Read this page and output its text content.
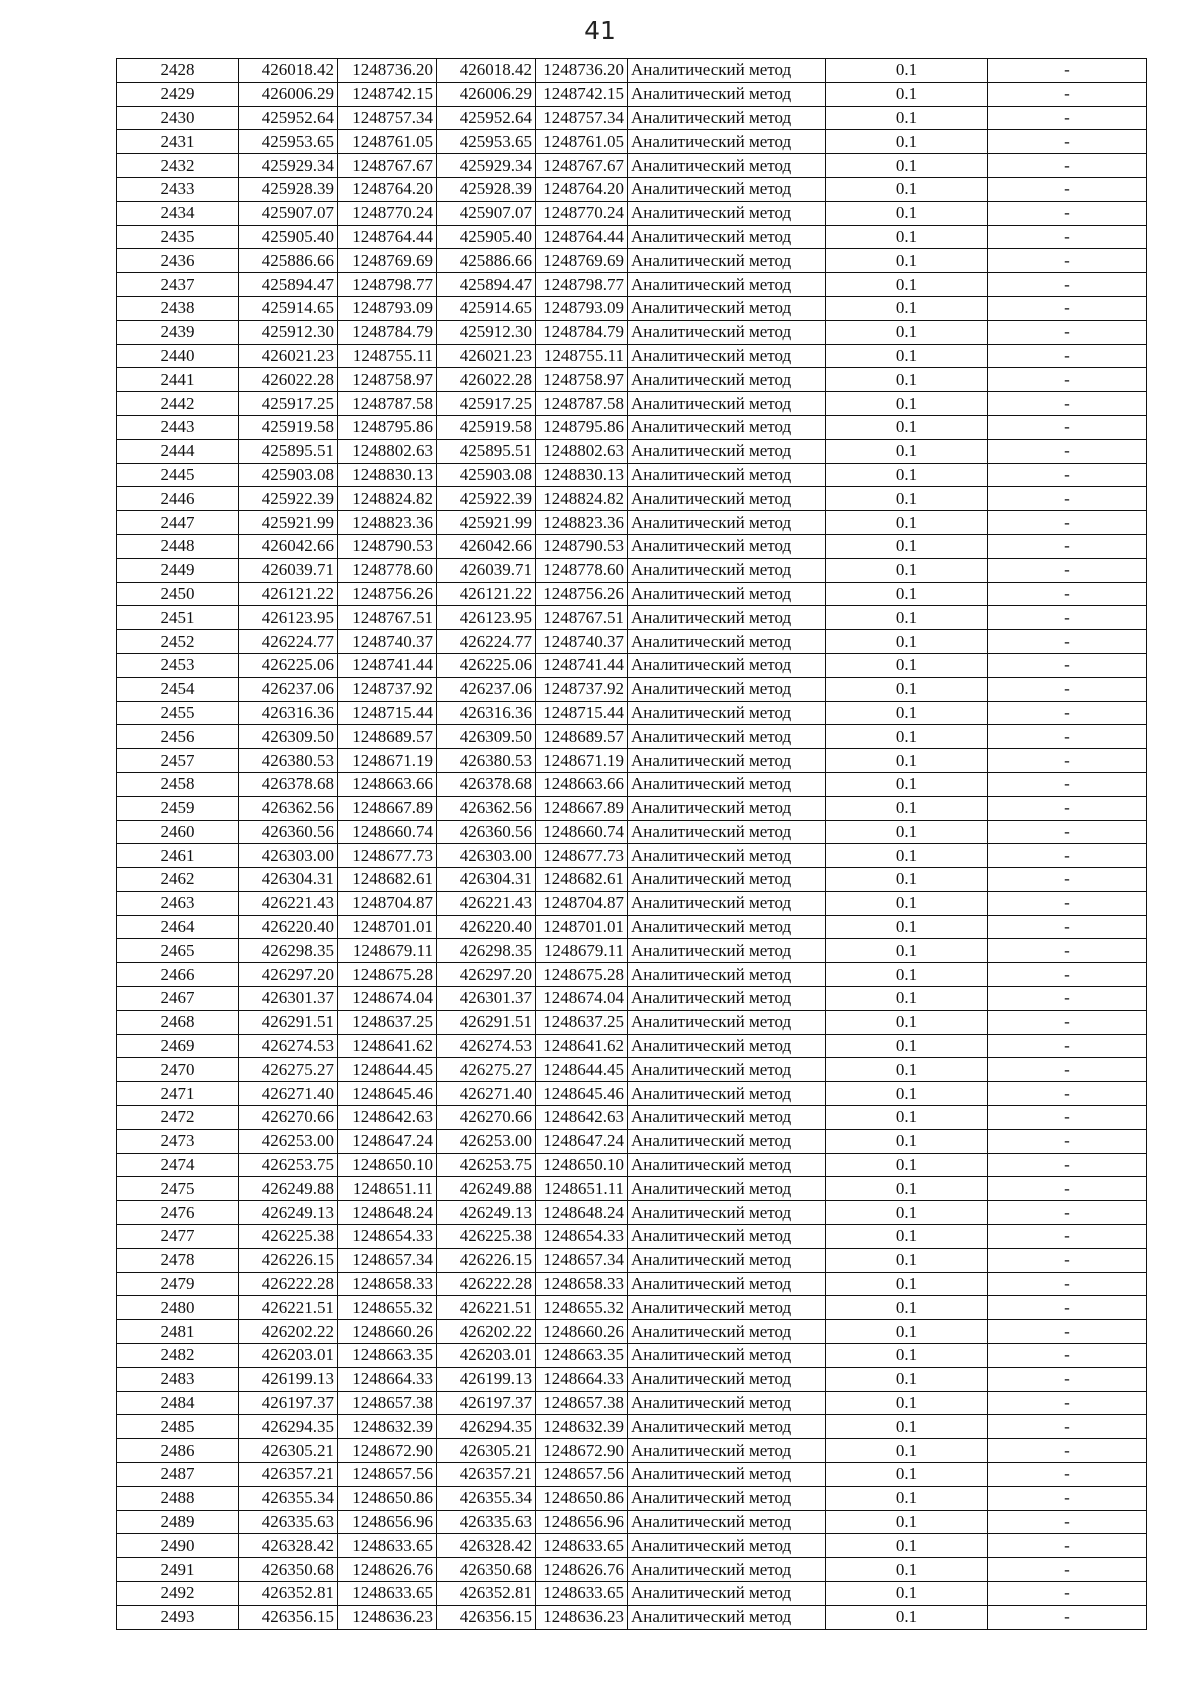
41
2428	426018.42	1248736.20	426018.42	1248736.20	Аналитический метод	0.1	-
2429	426006.29	1248742.15	426006.29	1248742.15	Аналитический метод	0.1	-
2430	425952.64	1248757.34	425952.64	1248757.34	Аналитический метод	0.1	-
2431	425953.65	1248761.05	425953.65	1248761.05	Аналитический метод	0.1	-
2432	425929.34	1248767.67	425929.34	1248767.67	Аналитический метод	0.1	-
2433	425928.39	1248764.20	425928.39	1248764.20	Аналитический метод	0.1	-
2434	425907.07	1248770.24	425907.07	1248770.24	Аналитический метод	0.1	-
2435	425905.40	1248764.44	425905.40	1248764.44	Аналитический метод	0.1	-
2436	425886.66	1248769.69	425886.66	1248769.69	Аналитический метод	0.1	-
2437	425894.47	1248798.77	425894.47	1248798.77	Аналитический метод	0.1	-
2438	425914.65	1248793.09	425914.65	1248793.09	Аналитический метод	0.1	-
2439	425912.30	1248784.79	425912.30	1248784.79	Аналитический метод	0.1	-
2440	426021.23	1248755.11	426021.23	1248755.11	Аналитический метод	0.1	-
2441	426022.28	1248758.97	426022.28	1248758.97	Аналитический метод	0.1	-
2442	425917.25	1248787.58	425917.25	1248787.58	Аналитический метод	0.1	-
2443	425919.58	1248795.86	425919.58	1248795.86	Аналитический метод	0.1	-
2444	425895.51	1248802.63	425895.51	1248802.63	Аналитический метод	0.1	-
2445	425903.08	1248830.13	425903.08	1248830.13	Аналитический метод	0.1	-
2446	425922.39	1248824.82	425922.39	1248824.82	Аналитический метод	0.1	-
2447	425921.99	1248823.36	425921.99	1248823.36	Аналитический метод	0.1	-
2448	426042.66	1248790.53	426042.66	1248790.53	Аналитический метод	0.1	-
2449	426039.71	1248778.60	426039.71	1248778.60	Аналитический метод	0.1	-
2450	426121.22	1248756.26	426121.22	1248756.26	Аналитический метод	0.1	-
2451	426123.95	1248767.51	426123.95	1248767.51	Аналитический метод	0.1	-
2452	426224.77	1248740.37	426224.77	1248740.37	Аналитический метод	0.1	-
2453	426225.06	1248741.44	426225.06	1248741.44	Аналитический метод	0.1	-
2454	426237.06	1248737.92	426237.06	1248737.92	Аналитический метод	0.1	-
2455	426316.36	1248715.44	426316.36	1248715.44	Аналитический метод	0.1	-
2456	426309.50	1248689.57	426309.50	1248689.57	Аналитический метод	0.1	-
2457	426380.53	1248671.19	426380.53	1248671.19	Аналитический метод	0.1	-
2458	426378.68	1248663.66	426378.68	1248663.66	Аналитический метод	0.1	-
2459	426362.56	1248667.89	426362.56	1248667.89	Аналитический метод	0.1	-
2460	426360.56	1248660.74	426360.56	1248660.74	Аналитический метод	0.1	-
2461	426303.00	1248677.73	426303.00	1248677.73	Аналитический метод	0.1	-
2462	426304.31	1248682.61	426304.31	1248682.61	Аналитический метод	0.1	-
2463	426221.43	1248704.87	426221.43	1248704.87	Аналитический метод	0.1	-
2464	426220.40	1248701.01	426220.40	1248701.01	Аналитический метод	0.1	-
2465	426298.35	1248679.11	426298.35	1248679.11	Аналитический метод	0.1	-
2466	426297.20	1248675.28	426297.20	1248675.28	Аналитический метод	0.1	-
2467	426301.37	1248674.04	426301.37	1248674.04	Аналитический метод	0.1	-
2468	426291.51	1248637.25	426291.51	1248637.25	Аналитический метод	0.1	-
2469	426274.53	1248641.62	426274.53	1248641.62	Аналитический метод	0.1	-
2470	426275.27	1248644.45	426275.27	1248644.45	Аналитический метод	0.1	-
2471	426271.40	1248645.46	426271.40	1248645.46	Аналитический метод	0.1	-
2472	426270.66	1248642.63	426270.66	1248642.63	Аналитический метод	0.1	-
2473	426253.00	1248647.24	426253.00	1248647.24	Аналитический метод	0.1	-
2474	426253.75	1248650.10	426253.75	1248650.10	Аналитический метод	0.1	-
2475	426249.88	1248651.11	426249.88	1248651.11	Аналитический метод	0.1	-
2476	426249.13	1248648.24	426249.13	1248648.24	Аналитический метод	0.1	-
2477	426225.38	1248654.33	426225.38	1248654.33	Аналитический метод	0.1	-
2478	426226.15	1248657.34	426226.15	1248657.34	Аналитический метод	0.1	-
2479	426222.28	1248658.33	426222.28	1248658.33	Аналитический метод	0.1	-
2480	426221.51	1248655.32	426221.51	1248655.32	Аналитический метод	0.1	-
2481	426202.22	1248660.26	426202.22	1248660.26	Аналитический метод	0.1	-
2482	426203.01	1248663.35	426203.01	1248663.35	Аналитический метод	0.1	-
2483	426199.13	1248664.33	426199.13	1248664.33	Аналитический метод	0.1	-
2484	426197.37	1248657.38	426197.37	1248657.38	Аналитический метод	0.1	-
2485	426294.35	1248632.39	426294.35	1248632.39	Аналитический метод	0.1	-
2486	426305.21	1248672.90	426305.21	1248672.90	Аналитический метод	0.1	-
2487	426357.21	1248657.56	426357.21	1248657.56	Аналитический метод	0.1	-
2488	426355.34	1248650.86	426355.34	1248650.86	Аналитический метод	0.1	-
2489	426335.63	1248656.96	426335.63	1248656.96	Аналитический метод	0.1	-
2490	426328.42	1248633.65	426328.42	1248633.65	Аналитический метод	0.1	-
2491	426350.68	1248626.76	426350.68	1248626.76	Аналитический метод	0.1	-
2492	426352.81	1248633.65	426352.81	1248633.65	Аналитический метод	0.1	-
2493	426356.15	1248636.23	426356.15	1248636.23	Аналитический метод	0.1	-
